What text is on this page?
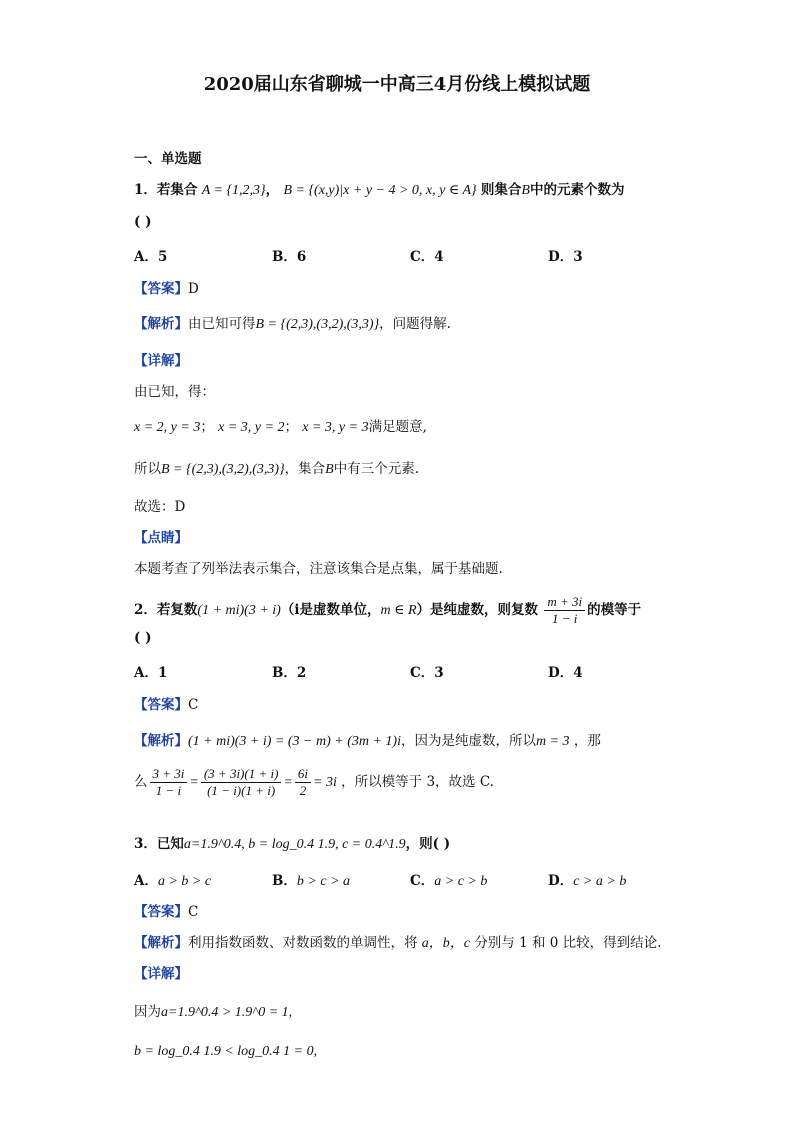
2020届山东省聊城一中高三4月份线上模拟试题
一、单选题
1．若集合 A = {1,2,3}， B = {(x,y)|x + y − 4 > 0, x, y ∈ A} 则集合B中的元素个数为
( )
A．5	B．6	C．4	D．3
【答案】D
【解析】由已知可得B = {(2,3),(3,2),(3,3)}，问题得解.
【详解】
由已知，得：
x = 2, y = 3； x = 3, y = 2； x = 3, y = 3满足题意,
所以B = {(2,3),(3,2),(3,3)}，集合B中有三个元素.
故选：D
【点睛】
本题考查了列举法表示集合，注意该集合是点集，属于基础题.
2．若复数(1 + mi)(3 + i)（i是虚数单位，m ∈ R）是纯虚数，则复数 $\frac{m + 3i}{1 - i}$ 的模等于
( )
A．1	B．2	C．3	D．4
【答案】C
【解析】(1 + mi)(3 + i) = (3 − m) + (3m + 1)i，因为是纯虚数，所以m = 3 ，那
么 $\frac{3 + 3i}{1 - i} = \frac{(3 + 3i)(1 + i)}{(1 - i)(1 + i)} = \frac{6i}{2} = 3i$ ，所以模等于 3，故选 C.
3．已知a=1.9^0.4, b = log_0.4 1.9, c = 0.4^1.9，则( )
A．a > b > c	B．b > c > a	C．a > c > b	D．c > a > b
【答案】C
【解析】利用指数函数、对数函数的单调性，将 a，b，c 分别与 1 和 0 比较，得到结论.
【详解】
因为a=1.9^0.4 > 1.9^0 = 1,
b = log_0.4 1.9 < log_0.4 1 = 0,
